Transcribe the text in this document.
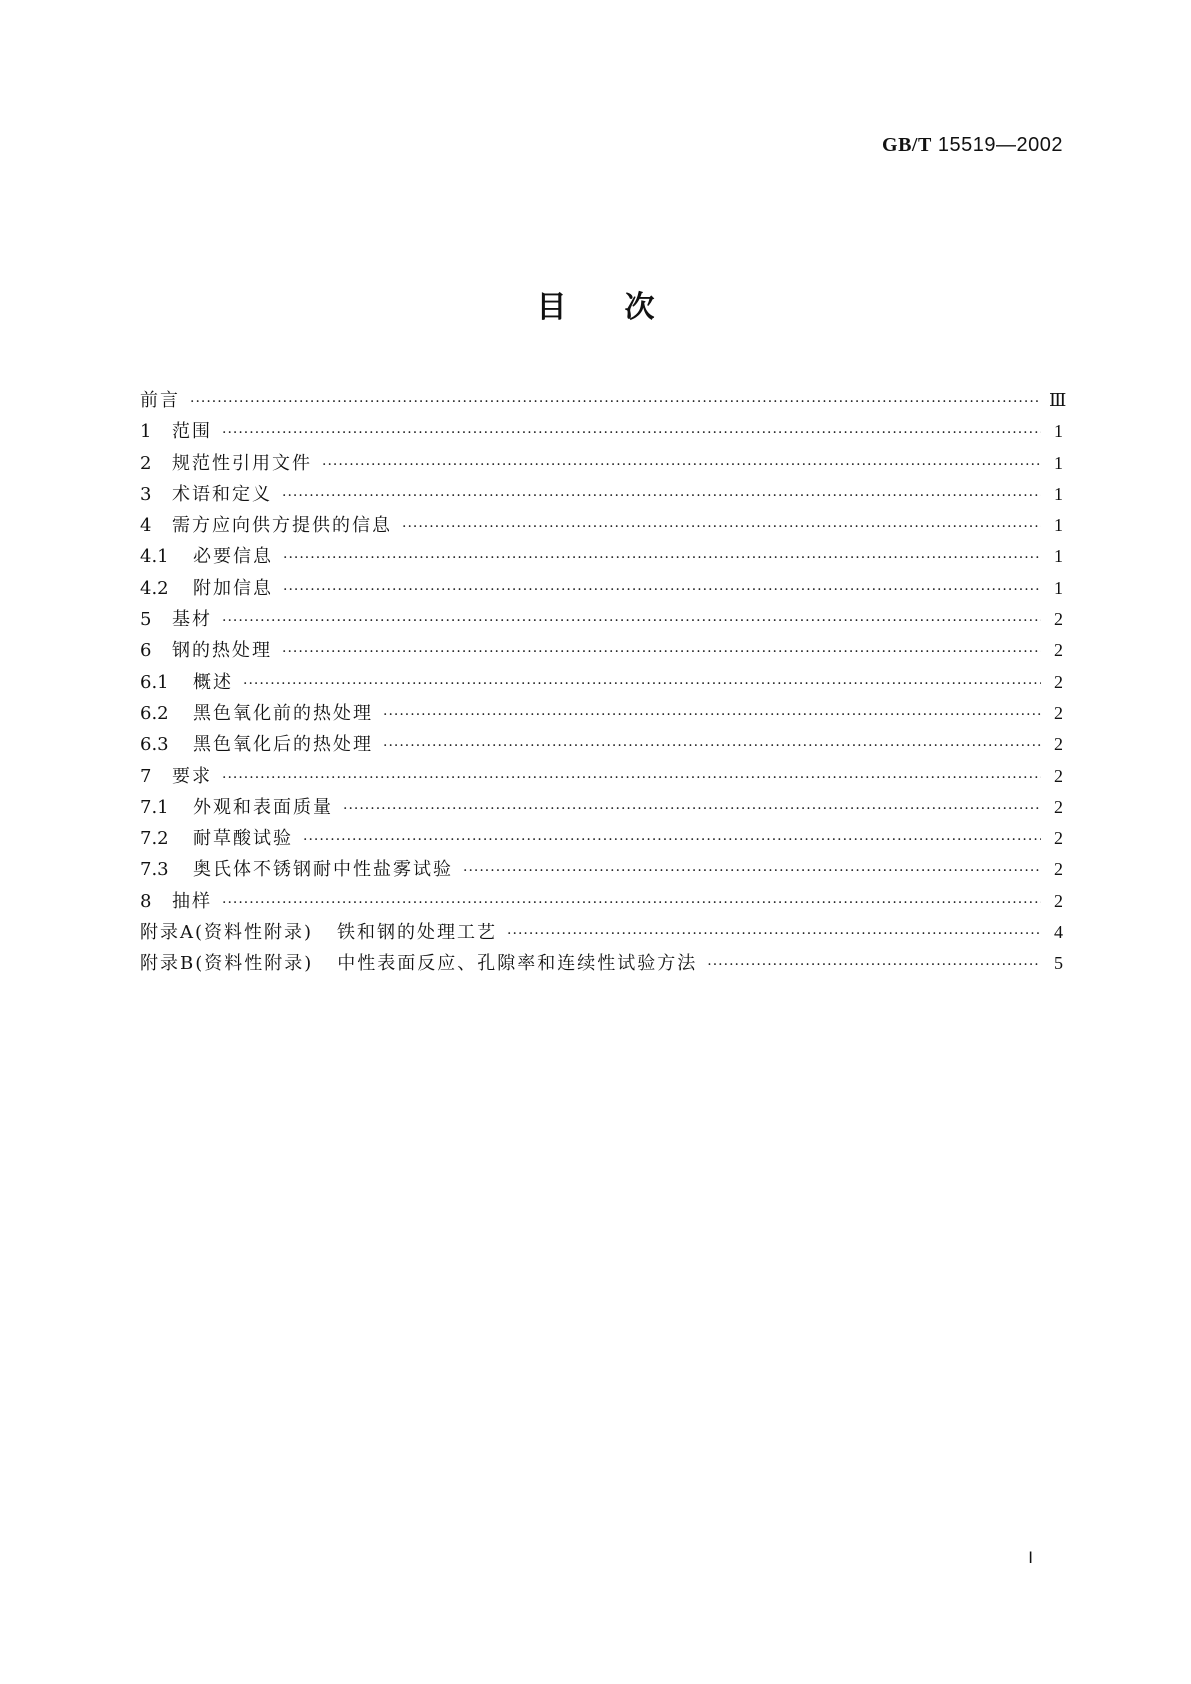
GB/T 15519—2002
目次
前言 ·····	Ⅲ
1	范围 ·····	1
2	规范性引用文件 ·····	1
3	术语和定义 ·····	1
4	需方应向供方提供的信息 ·····	1
4.1	必要信息 ·····	1
4.2	附加信息 ·····	1
5	基材 ·····	2
6	钢的热处理 ·····	2
6.1	概述 ·····	2
6.2	黑色氧化前的热处理 ·····	2
6.3	黑色氧化后的热处理 ·····	2
7	要求 ·····	2
7.1	外观和表面质量 ·····	2
7.2	耐草酸试验 ·····	2
7.3	奥氏体不锈钢耐中性盐雾试验 ·····	2
8	抽样 ·····	2
附录A(资料性附录) 铁和钢的处理工艺 ·····	4
附录B(资料性附录) 中性表面反应、孔隙率和连续性试验方法 ·····	5
Ⅰ
